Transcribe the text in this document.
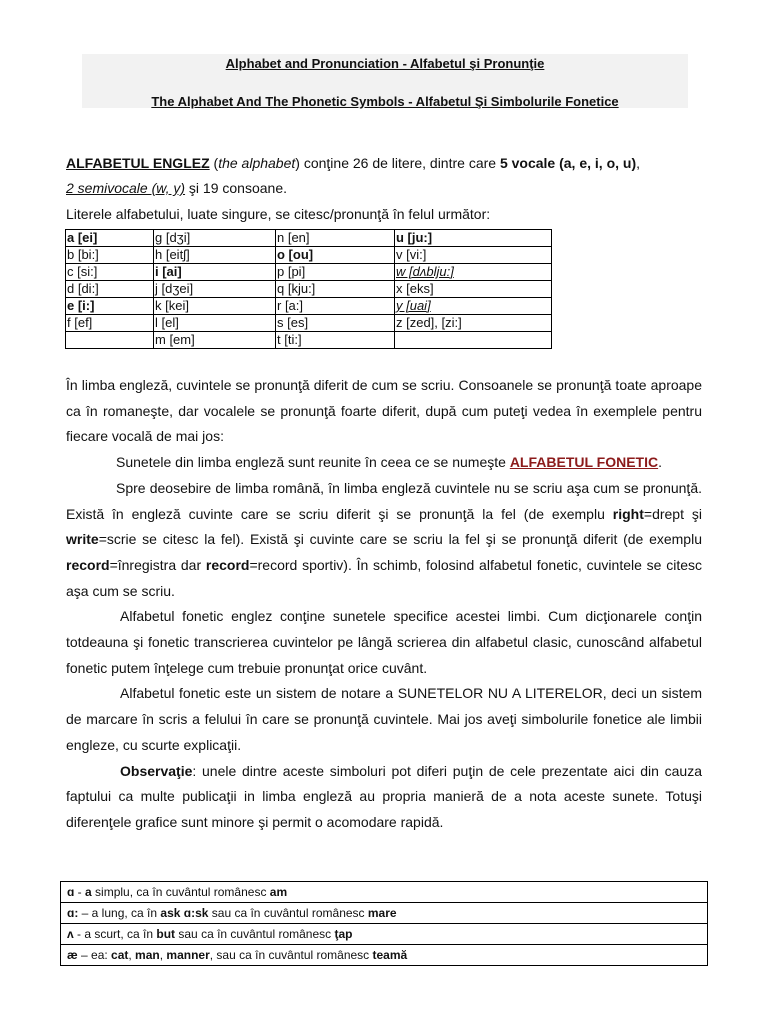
Alphabet and Pronunciation - Alfabetul şi Pronunţie
The Alphabet And The Phonetic Symbols - Alfabetul Şi Simbolurile Fonetice
ALFABETUL ENGLEZ (the alphabet) conţine 26 de litere, dintre care 5 vocale (a, e, i, o, u),
2 semivocale (w, y) şi 19 consoane.
Literele alfabetului, luate singure, se citesc/pronunţă în felul următor:
a [ei]	g [dʒi]	n [en]	u [ju:]
b [bi:]	h [eitʃ]	o [ou]	v [vi:]
c [si:]	i [ai]	p [pi]	w [dʌblju:]
d [di:]	j [dʒei]	q [kju:]	x [eks]
e [i:]	k [kei]	r [a:]	y [uai]
f [ef]	l [el]	s [es]	z [zed], [zi:]
	m [em]	t [ti:]	

În limba engleză, cuvintele se pronunţă diferit de cum se scriu. Consoanele se pronunţă toate aproape ca în romaneşte, dar vocalele se pronunţă foarte diferit, după cum puteţi vedea în exemplele pentru fiecare vocală de mai jos:

Sunetele din limba engleză sunt reunite în ceea ce se numeşte ALFABETUL FONETIC.

Spre deosebire de limba română, în limba engleză cuvintele nu se scriu aşa cum se pronunţă. Există în engleză cuvinte care se scriu diferit şi se pronunţă la fel (de exemplu right=drept şi write=scrie se citesc la fel). Există şi cuvinte care se scriu la fel şi se pronunţă diferit (de exemplu record=înregistra dar record=record sportiv). În schimb, folosind alfabetul fonetic, cuvintele se citesc aşa cum se scriu.

Alfabetul fonetic englez conţine sunetele specifice acestei limbi. Cum dicţionarele conţin totdeauna şi fonetic transcrierea cuvintelor pe lângă scrierea din alfabetul clasic, cunoscând alfabetul fonetic putem înţelege cum trebuie pronunţat orice cuvânt.

Alfabetul fonetic este un sistem de notare a SUNETELOR NU A LITERELOR, deci un sistem de marcare în scris a felului în care se pronunţă cuvintele. Mai jos aveţi simbolurile fonetice ale limbii engleze, cu scurte explicaţii.

Observaţie: unele dintre aceste simboluri pot diferi puţin de cele prezentate aici din cauza faptului ca multe publicaţii in limba engleză au propria manieră de a nota aceste sunete. Totuşi diferenţele grafice sunt minore şi permit o acomodare rapidă.

ɑ - a simplu, ca în cuvântul românesc am
ɑ: – a lung, ca în ask ɑ:sk sau ca în cuvântul românesc mare
ʌ - a scurt, ca în but sau ca în cuvântul românesc ţap
æ – ea: cat, man, manner, sau ca în cuvântul românesc teamă
